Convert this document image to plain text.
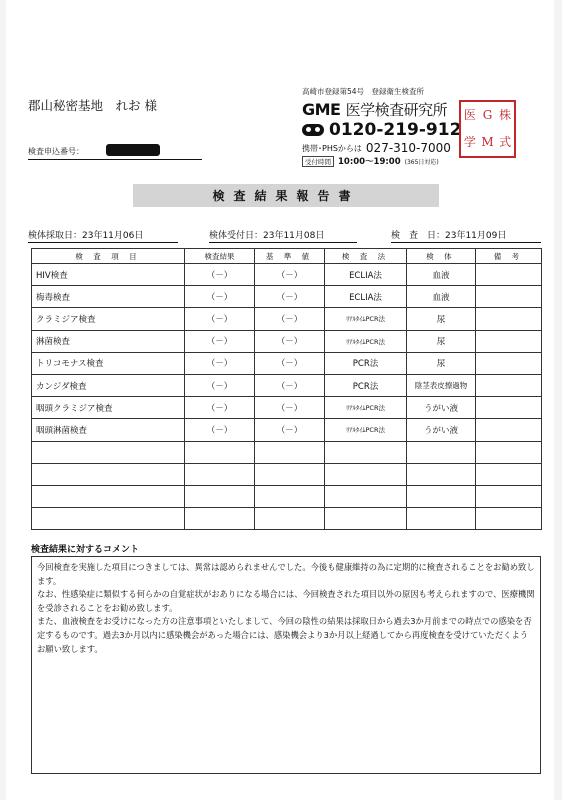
郡山秘密基地　れお 様
高崎市登録第54号　登録衛生検査所
GME 医学検査研究所
0120-219-912
携帯･PHSからは 027-310-7000
受付時間 10:00～19:00 (365日対応)
医 G 株
学 M 式
検査申込番号：
検査結果報告書
検体採取日：23年11月06日	検体受付日：23年11月08日	検　査　日：23年11月09日
検 査 項 目	検査結果	基 準 値	検 査 法	検 体	備 考
HIV検査	（－）	（－）	ECLIA法	血液	
梅毒検査	（－）	（－）	ECLIA法	血液	
クラミジア検査	（－）	（－）	ﾘｱﾙﾀｲﾑPCR法	尿	
淋菌検査	（－）	（－）	ﾘｱﾙﾀｲﾑPCR法	尿	
トリコモナス検査	（－）	（－）	PCR法	尿	
カンジダ検査	（－）	（－）	PCR法	陰茎表皮擦過物	
咽頭クラミジア検査	（－）	（－）	ﾘｱﾙﾀｲﾑPCR法	うがい液	
咽頭淋菌検査	（－）	（－）	ﾘｱﾙﾀｲﾑPCR法	うがい液	

検査結果に対するコメント

今回検査を実施した項目につきましては、異常は認められませんでした。今後も健康維持の為に定期的に検査されることをお勧め致します。

なお、性感染症に類似する何らかの自覚症状がおありになる場合には、今回検査された項目以外の原因も考えられますので、医療機関を受診されることをお勧め致します。

また、血液検査をお受けになった方の注意事項といたしまして、今回の陰性の結果は採取日から過去3か月前までの時点での感染を否定するものです。過去3か月以内に感染機会があった場合には、感染機会より3か月以上経過してから再度検査を受けていただくようお願い致します。
